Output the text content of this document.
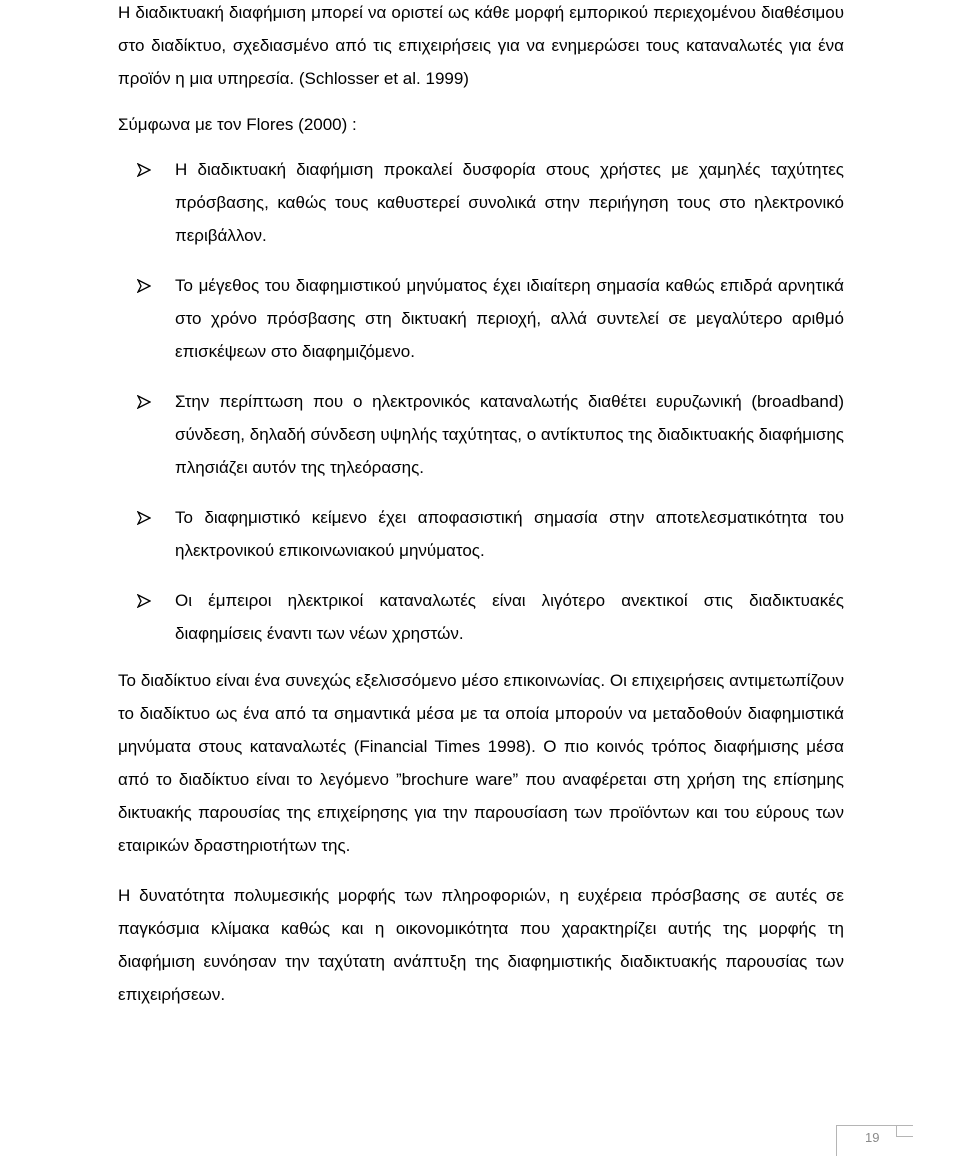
Η διαδικτυακή διαφήμιση μπορεί να οριστεί ως κάθε μορφή εμπορικού περιεχομένου διαθέσιμου στο διαδίκτυο, σχεδιασμένο από τις επιχειρήσεις για να ενημερώσει τους καταναλωτές για ένα προϊόν η μια υπηρεσία. (Schlosser et al. 1999)

Σύμφωνα με τον Flores (2000) :

Η διαδικτυακή διαφήμιση προκαλεί δυσφορία στους χρήστες με χαμηλές ταχύτητες πρόσβασης, καθώς τους καθυστερεί συνολικά στην περιήγηση τους στο ηλεκτρονικό περιβάλλον.
Το μέγεθος του διαφημιστικού μηνύματος έχει ιδιαίτερη σημασία καθώς επιδρά αρνητικά στο χρόνο πρόσβασης στη δικτυακή περιοχή, αλλά συντελεί σε μεγαλύτερο αριθμό επισκέψεων στο διαφημιζόμενο.
Στην περίπτωση που ο ηλεκτρονικός καταναλωτής διαθέτει ευρυζωνική (broadband) σύνδεση, δηλαδή σύνδεση υψηλής ταχύτητας, ο αντίκτυπος της διαδικτυακής διαφήμισης πλησιάζει αυτόν της τηλεόρασης.
Το διαφημιστικό κείμενο έχει αποφασιστική σημασία στην αποτελεσματικότητα του ηλεκτρονικού επικοινωνιακού μηνύματος.
Οι έμπειροι ηλεκτρικοί καταναλωτές είναι λιγότερο ανεκτικοί στις διαδικτυακές διαφημίσεις έναντι των νέων χρηστών.

Το διαδίκτυο είναι ένα συνεχώς εξελισσόμενο μέσο επικοινωνίας. Οι επιχειρήσεις αντιμετωπίζουν το διαδίκτυο ως ένα από τα σημαντικά μέσα με τα οποία μπορούν να μεταδοθούν διαφημιστικά μηνύματα στους καταναλωτές (Financial Times 1998). Ο πιο κοινός τρόπος διαφήμισης μέσα από το διαδίκτυο είναι το λεγόμενο ”brochure ware” που αναφέρεται στη χρήση της επίσημης δικτυακής παρουσίας της επιχείρησης για την παρουσίαση των προϊόντων και του εύρους των εταιρικών δραστηριοτήτων της.

Η δυνατότητα πολυμεσικής μορφής των πληροφοριών, η ευχέρεια πρόσβασης σε αυτές σε παγκόσμια κλίμακα καθώς και η οικονομικότητα που χαρακτηρίζει αυτής της μορφής τη διαφήμιση ευνόησαν την ταχύτατη ανάπτυξη της διαφημιστικής διαδικτυακής παρουσίας των επιχειρήσεων.

19
